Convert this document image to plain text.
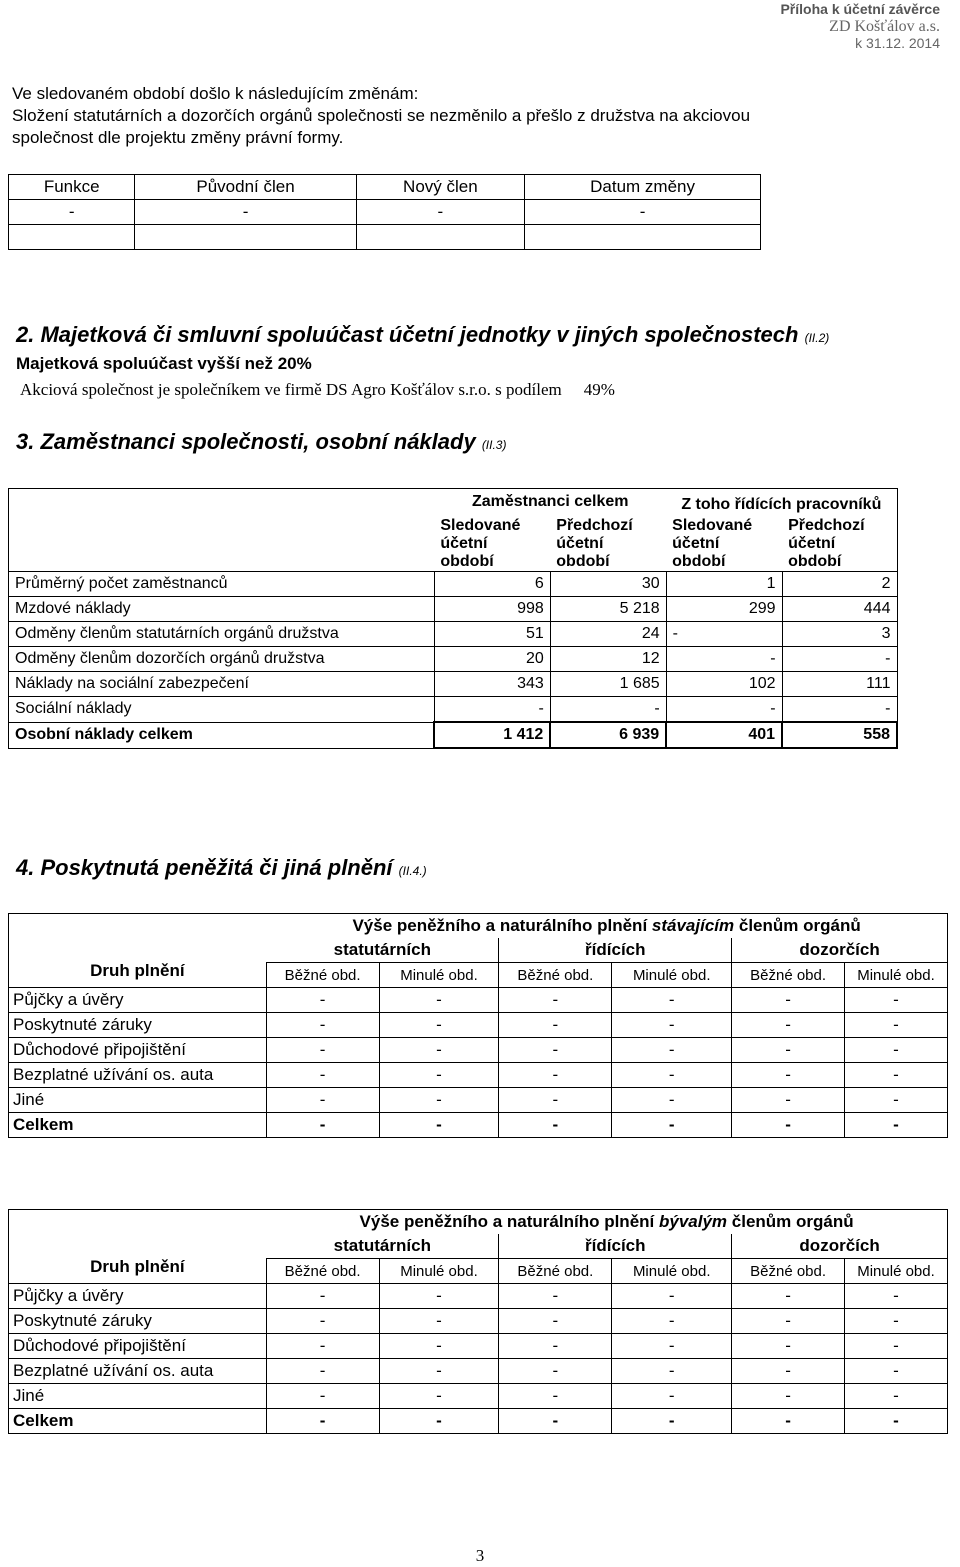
Příloha k účetní závěrce
ZD Košťálov a.s.
k 31.12. 2014
Ve sledovaném období došlo k následujícím změnám:
Složení statutárních a dozorčích orgánů společnosti se nezměnilo a přešlo z družstva na akciovou
společnost dle projektu změny právní formy.
Funkce	Původní člen	Nový člen	Datum změny
-	-	-	-

2. Majetková či smluvní spoluúčast účetní jednotky v jiných společnostech (II.2)
Majetková spoluúčast vyšší než 20%
Akciová společnost je společníkem ve firmě DS Agro Košťálov s.r.o. s podílem 49%
3. Zaměstnanci společnosti, osobní náklady (II.3)
	Zaměstnanci celkem		Z toho řídících pracovníků	
	Sledované účetní období	Předchozí účetní období	Sledované účetní období	Předchozí účetní období
Průměrný počet zaměstnanců	6	30	1	2
Mzdové náklady	998	5 218	299	444
Odměny členům statutárních orgánů družstva	51	24	-	3
Odměny členům dozorčích orgánů družstva	20	12	-	-
Náklady na sociální zabezpečení	343	1 685	102	111
Sociální náklady	-	-	-	-
Osobní náklady celkem	1 412	6 939	401	558
4. Poskytnutá peněžitá či jiná plnění (II.4.)
Druh plnění	Výše peněžního a naturálního plnění stávajícím členům orgánů					
	statutárních		řídících		dozorčích	
	Běžné obd.	Minulé obd.	Běžné obd.	Minulé obd.	Běžné obd.	Minulé obd.
Půjčky a úvěry	-	-	-	-	-	-
Poskytnuté záruky	-	-	-	-	-	-
Důchodové připojištění	-	-	-	-	-	-
Bezplatné užívání os. auta	-	-	-	-	-	-
Jiné	-	-	-	-	-	-
Celkem	-	-	-	-	-	-
Druh plnění	Výše peněžního a naturálního plnění bývalým členům orgánů					
	statutárních		řídících		dozorčích	
	Běžné obd.	Minulé obd.	Běžné obd.	Minulé obd.	Běžné obd.	Minulé obd.
Půjčky a úvěry	-	-	-	-	-	-
Poskytnuté záruky	-	-	-	-	-	-
Důchodové připojištění	-	-	-	-	-	-
Bezplatné užívání os. auta	-	-	-	-	-	-
Jiné	-	-	-	-	-	-
Celkem	-	-	-	-	-	-
3
